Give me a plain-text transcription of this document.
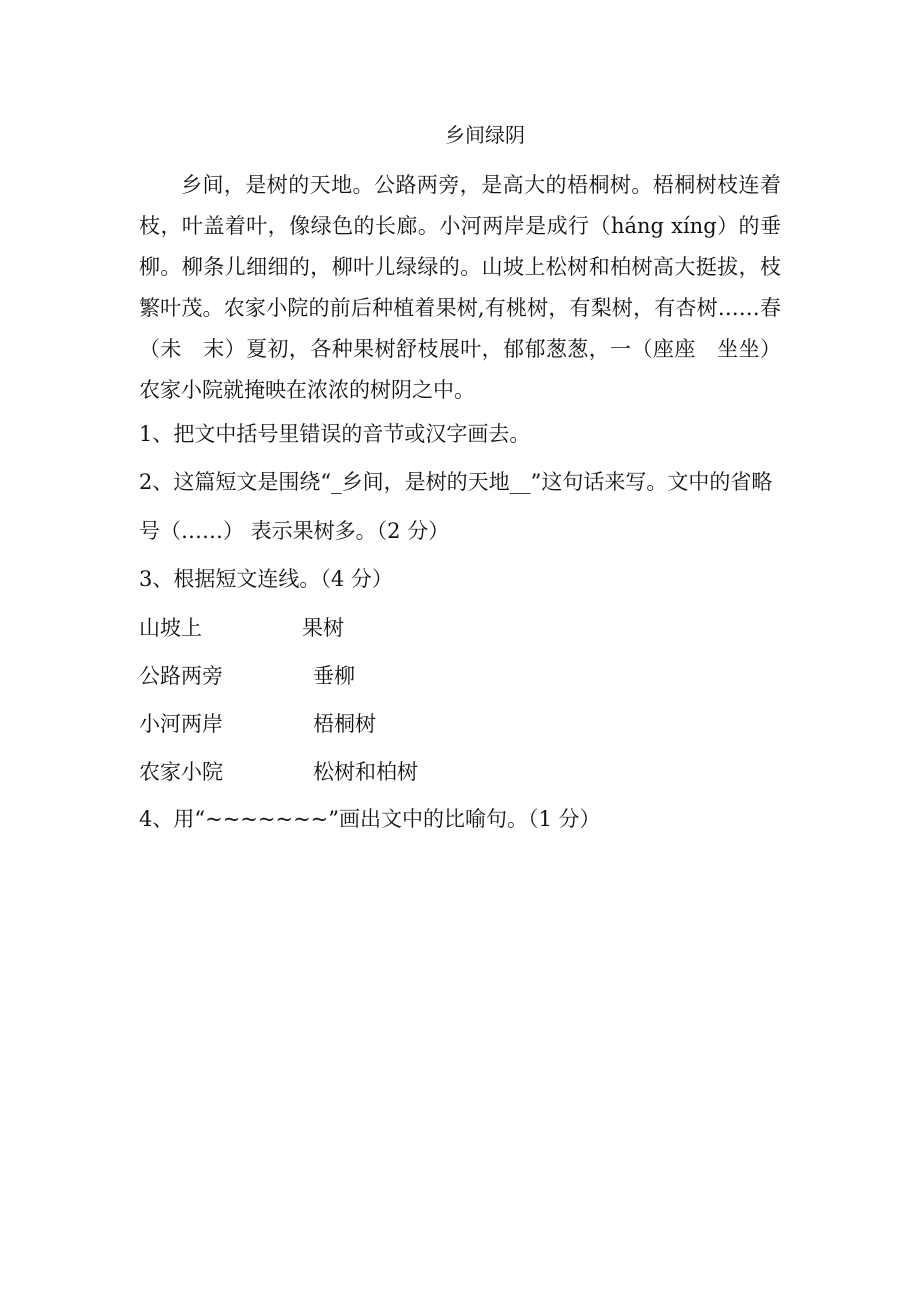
乡间绿阴

乡间，是树的天地。公路两旁，是高大的梧桐树。梧桐树枝连着枝，叶盖着叶，像绿色的长廊。小河两岸是成行（háng xíng）的垂柳。柳条儿细细的，柳叶儿绿绿的。山坡上松树和柏树高大挺拔，枝繁叶茂。农家小院的前后种植着果树,有桃树，有梨树，有杏树……春（未　末）夏初，各种果树舒枝展叶，郁郁葱葱，一（座座　坐坐）农家小院就掩映在浓浓的树阴之中。

1、把文中括号里错误的音节或汉字画去。

2、这篇短文是围绕“_乡间，是树的天地__”这句话来写。文中的省略号（……） 表示果树多。（2 分）

3、根据短文连线。（4 分）

山坡上	果树
公路两旁	垂柳
小河两岸	梧桐树
农家小院	松树和柏树

4、用“~~~~~~~”画出文中的比喻句。（1 分）
